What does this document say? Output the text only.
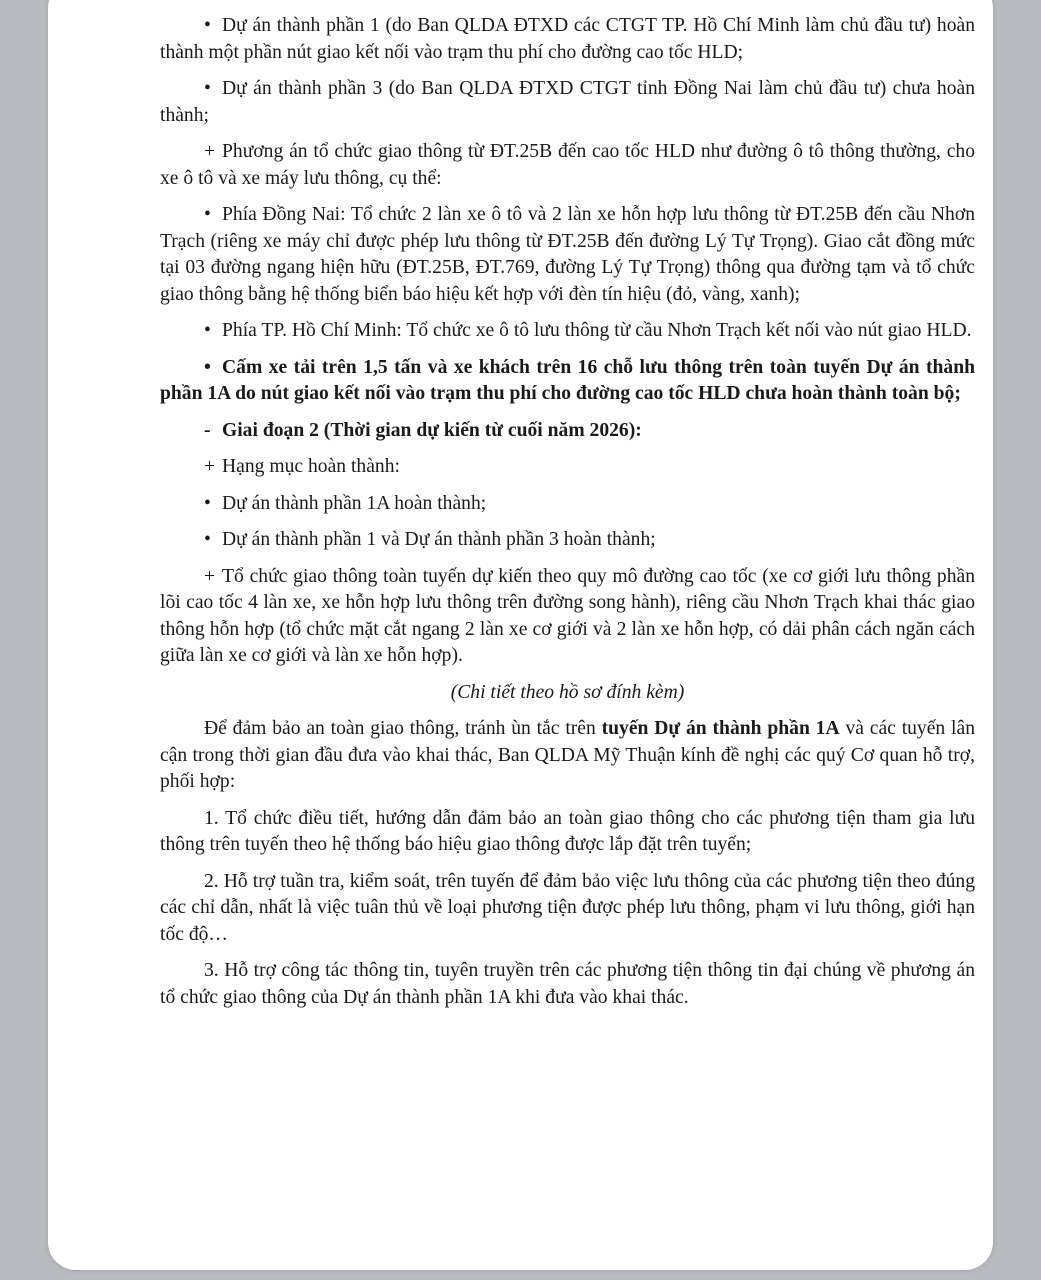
• Dự án thành phần 1 (do Ban QLDA ĐTXD các CTGT TP. Hồ Chí Minh làm chủ đầu tư) hoàn thành một phần nút giao kết nối vào trạm thu phí cho đường cao tốc HLD;

• Dự án thành phần 3 (do Ban QLDA ĐTXD CTGT tỉnh Đồng Nai làm chủ đầu tư) chưa hoàn thành;

+ Phương án tổ chức giao thông từ ĐT.25B đến cao tốc HLD như đường ô tô thông thường, cho xe ô tô và xe máy lưu thông, cụ thể:

• Phía Đồng Nai: Tổ chức 2 làn xe ô tô và 2 làn xe hỗn hợp lưu thông từ ĐT.25B đến cầu Nhơn Trạch (riêng xe máy chỉ được phép lưu thông từ ĐT.25B đến đường Lý Tự Trọng). Giao cắt đồng mức tại 03 đường ngang hiện hữu (ĐT.25B, ĐT.769, đường Lý Tự Trọng) thông qua đường tạm và tổ chức giao thông bằng hệ thống biển báo hiệu kết hợp với đèn tín hiệu (đỏ, vàng, xanh);

• Phía TP. Hồ Chí Minh: Tổ chức xe ô tô lưu thông từ cầu Nhơn Trạch kết nối vào nút giao HLD.

• Cấm xe tải trên 1,5 tấn và xe khách trên 16 chỗ lưu thông trên toàn tuyến Dự án thành phần 1A do nút giao kết nối vào trạm thu phí cho đường cao tốc HLD chưa hoàn thành toàn bộ;

- Giai đoạn 2 (Thời gian dự kiến từ cuối năm 2026):

+ Hạng mục hoàn thành:

• Dự án thành phần 1A hoàn thành;

• Dự án thành phần 1 và Dự án thành phần 3 hoàn thành;

+ Tổ chức giao thông toàn tuyến dự kiến theo quy mô đường cao tốc (xe cơ giới lưu thông phần lõi cao tốc 4 làn xe, xe hỗn hợp lưu thông trên đường song hành), riêng cầu Nhơn Trạch khai thác giao thông hỗn hợp (tổ chức mặt cắt ngang 2 làn xe cơ giới và 2 làn xe hỗn hợp, có dải phân cách ngăn cách giữa làn xe cơ giới và làn xe hỗn hợp).

(Chi tiết theo hồ sơ đính kèm)

Để đảm bảo an toàn giao thông, tránh ùn tắc trên tuyến Dự án thành phần 1A và các tuyến lân cận trong thời gian đầu đưa vào khai thác, Ban QLDA Mỹ Thuận kính đề nghị các quý Cơ quan hỗ trợ, phối hợp:

1. Tổ chức điều tiết, hướng dẫn đảm bảo an toàn giao thông cho các phương tiện tham gia lưu thông trên tuyến theo hệ thống báo hiệu giao thông được lắp đặt trên tuyến;

2. Hỗ trợ tuần tra, kiểm soát, trên tuyến để đảm bảo việc lưu thông của các phương tiện theo đúng các chỉ dẫn, nhất là việc tuân thủ về loại phương tiện được phép lưu thông, phạm vi lưu thông, giới hạn tốc độ…

3. Hỗ trợ công tác thông tin, tuyên truyền trên các phương tiện thông tin đại chúng về phương án tổ chức giao thông của Dự án thành phần 1A khi đưa vào khai thác.
